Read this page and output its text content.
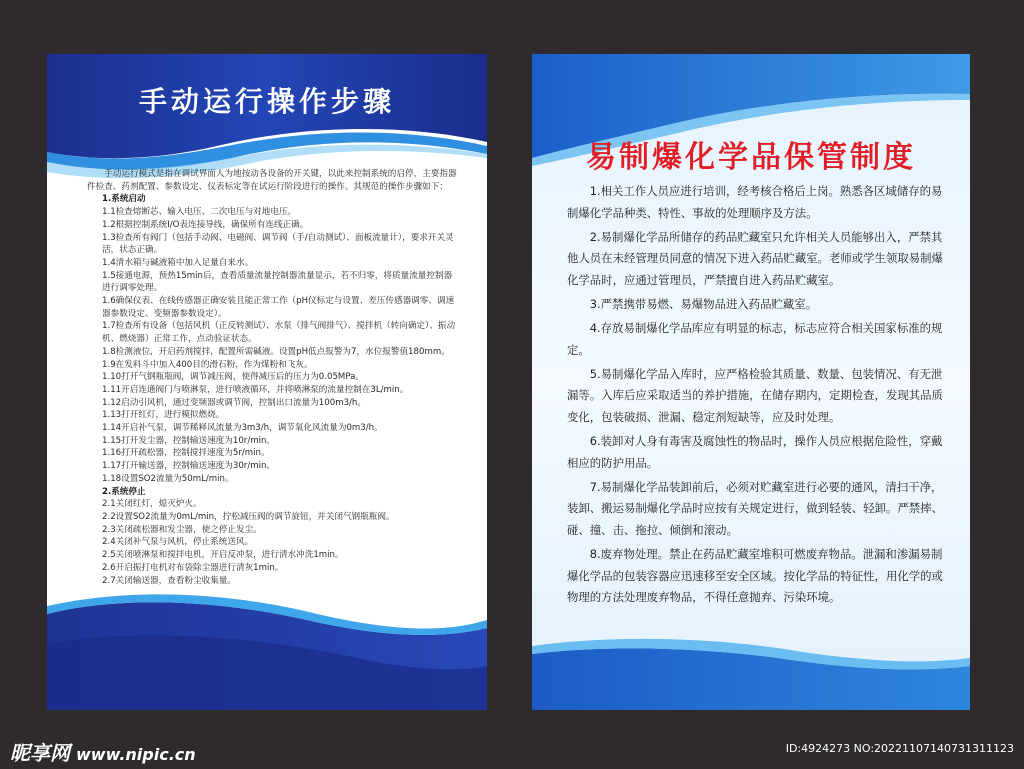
手动运行操作步骤

手动运行模式是指在调试界面人为地按动各设备的开关键，以此来控制系统的启停，主要指器件检查、药剂配置、参数设定、仪表标定等在试运行阶段进行的操作。其规范的操作步骤如下：

1.系统启动

1.1检查熔断芯、输入电压、二次电压与对地电压。

1.2根据控制系统I/O表连接导线，确保所有连线正确。

1.3检查所有阀门（包括手动阀、电磁阀、调节阀（手/自动测试）、面板流量计），要求开关灵活，状态正确。

1.4清水箱与碱液箱中加入足量自来水。

1.5接通电源，预热15min后，查看质量流量控制器流量显示，若不归零，将质量流量控制器进行调零处理。

1.6确保仪表、在线传感器正确安装且能正常工作（pH仪标定与设置、差压传感器调零、调速器参数设定、变频器参数设定）。

1.7检查所有设备（包括风机（正反转测试）、水泵（排气阀排气）、搅拌机（转向确定）、振动机、燃烧器）正常工作，点动验证状态。

1.8检测液位，开启药剂搅拌，配置所需碱液。设置pH低点报警为7，水位报警值180mm。

1.9在发料斗中加入400目的滑石粉，作为煤粉和飞灰。

1.10打开气钢瓶瓶阀，调节减压阀，使得减压后的压力为0.05MPa。

1.11开启连通阀门与喷淋泵，进行喷液循环，并将喷淋泵的流量控制在3L/min。

1.12启动引风机，通过变频器或调节阀，控制出口流量为100m3/h。

1.13打开红灯，进行模拟燃烧。

1.14开启补气泵，调节稀释风流量为3m3/h，调节氧化风流量为0m3/h。

1.15打开发尘器，控制输送速度为10r/min。

1.16打开疏松器，控制搅拌速度为5r/min。

1.17打开输送器，控制输送速度为30r/min。

1.18设置SO2流量为50mL/min。

2.系统停止

2.1关闭红灯，熄灭炉火。

2.2设置SO2流量为0mL/min，拧松减压阀的调节旋钮，并关闭气钢瓶瓶阀。

2.3关闭疏松器和发尘器，使之停止发尘。

2.4关闭补气泵与风机，停止系统送风。

2.5关闭喷淋泵和搅拌电机，开启反冲泵，进行清水冲洗1min。

2.6开启振打电机对布袋除尘器进行清灰1min。

2.7关闭输送器，查看粉尘收集量。

易制爆化学品保管制度

1.相关工作人员应进行培训，经考核合格后上岗。熟悉各区域储存的易制爆化学品种类、特性、事故的处理顺序及方法。

2.易制爆化学品所储存的药品贮藏室只允许相关人员能够出入，严禁其他人员在未经管理员同意的情况下进入药品贮藏室。老师或学生领取易制爆化学品时，应通过管理员，严禁擅自进入药品贮藏室。

3.严禁携带易燃、易爆物品进入药品贮藏室。

4.存放易制爆化学品库应有明显的标志，标志应符合相关国家标准的规定。

5.易制爆化学品入库时，应严格检验其质量、数量、包装情况、有无泄漏等。入库后应采取适当的养护措施，在储存期内，定期检查，发现其品质变化，包装破损、泄漏、稳定剂短缺等，应及时处理。

6.装卸对人身有毒害及腐蚀性的物品时，操作人员应根据危险性，穿戴相应的防护用品。

7.易制爆化学品装卸前后，必须对贮藏室进行必要的通风，清扫干净，装卸、搬运易制爆化学品时应按有关规定进行，做到轻装、轻卸。严禁摔、碰、撞、击、拖拉、倾倒和滚动。

8.废弃物处理。禁止在药品贮藏室堆积可燃废弃物品。泄漏和渗漏易制爆化学品的包装容器应迅速移至安全区域。按化学品的特征性，用化学的或物理的方法处理废弃物品，不得任意抛弃、污染环境。

昵享网 www.nipic.cn	ID:4924273 NO:20221107140731311123
